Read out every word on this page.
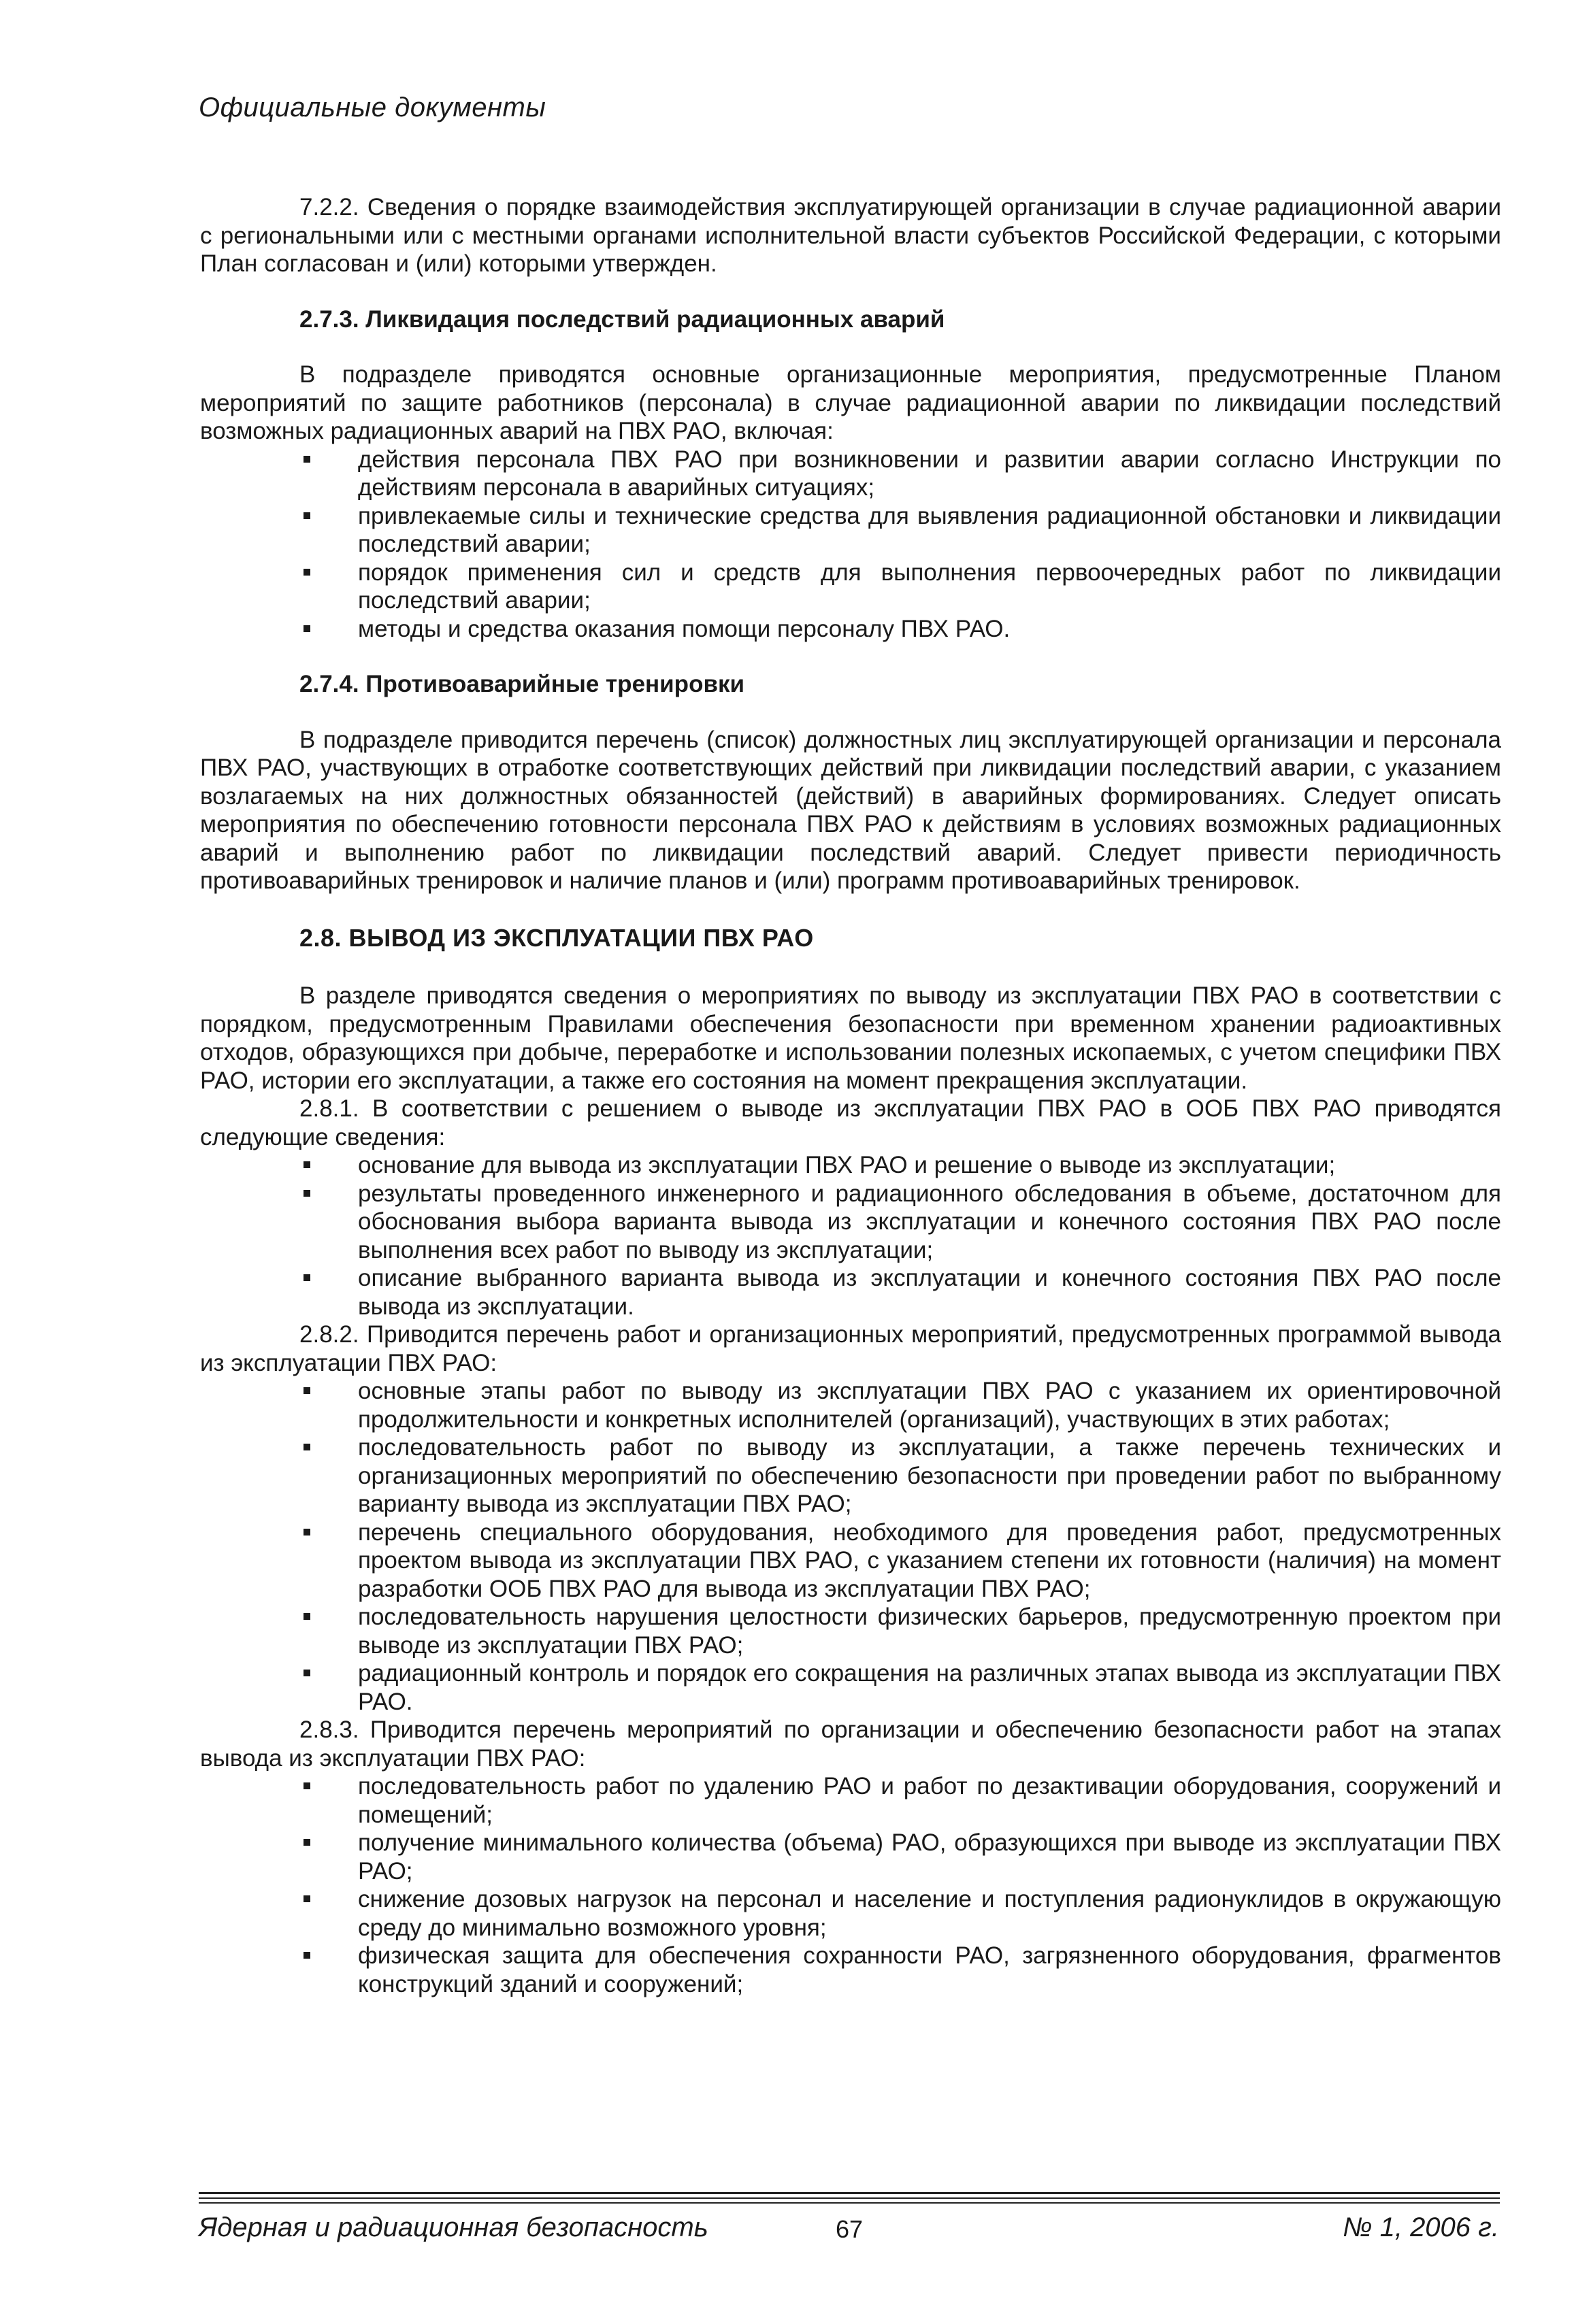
Официальные документы

7.2.2. Сведения о порядке взаимодействия эксплуатирующей организации в случае радиационной аварии с региональными или с местными органами исполнительной власти субъектов Российской Федерации, с которыми План согласован и (или) которыми утвержден.

2.7.3. Ликвидация последствий радиационных аварий

В подразделе приводятся основные организационные мероприятия, предусмотренные Планом мероприятий по защите работников (персонала) в случае радиационной аварии по ликвидации последствий возможных радиационных аварий на ПВХ РАО, включая:

действия персонала ПВХ РАО при возникновении и развитии аварии согласно Инструкции по действиям персонала в аварийных ситуациях;
привлекаемые силы и технические средства для выявления радиационной обстановки и ликвидации последствий аварии;
порядок применения сил и средств для выполнения первоочередных работ по ликвидации последствий аварии;
методы и средства оказания помощи персоналу ПВХ РАО.
2.7.4. Противоаварийные тренировки

В подразделе приводится перечень (список) должностных лиц эксплуатирующей организации и персонала ПВХ РАО, участвующих в отработке соответствующих действий при ликвидации последствий аварии, с указанием возлагаемых на них должностных обязанностей (действий) в аварийных формированиях. Следует описать мероприятия по обеспечению готовности персонала ПВХ РАО к действиям в условиях возможных радиационных аварий и выполнению работ по ликвидации последствий аварий. Следует привести периодичность противоаварийных тренировок и наличие планов и (или) программ противоаварийных тренировок.

2.8. ВЫВОД ИЗ ЭКСПЛУАТАЦИИ ПВХ РАО

В разделе приводятся сведения о мероприятиях по выводу из эксплуатации ПВХ РАО в соответствии с порядком, предусмотренным Правилами обеспечения безопасности при временном хранении радиоактивных отходов, образующихся при добыче, переработке и использовании полезных ископаемых, с учетом специфики ПВХ РАО, истории его эксплуатации, а также его состояния на момент прекращения эксплуатации.

2.8.1. В соответствии с решением о выводе из эксплуатации ПВХ РАО в ООБ ПВХ РАО приводятся следующие сведения:

основание для вывода из эксплуатации ПВХ РАО и решение о выводе из эксплуатации;
результаты проведенного инженерного и радиационного обследования в объеме, достаточном для обоснования выбора варианта вывода из эксплуатации и конечного состояния ПВХ РАО после выполнения всех работ по выводу из эксплуатации;
описание выбранного варианта вывода из эксплуатации и конечного состояния ПВХ РАО после вывода из эксплуатации.

2.8.2. Приводится перечень работ и организационных мероприятий, предусмотренных программой вывода из эксплуатации ПВХ РАО:

основные этапы работ по выводу из эксплуатации ПВХ РАО с указанием их ориентировочной продолжительности и конкретных исполнителей (организаций), участвующих в этих работах;
последовательность работ по выводу из эксплуатации, а также перечень технических и организационных мероприятий по обеспечению безопасности при проведении работ по выбранному варианту вывода из эксплуатации ПВХ РАО;
перечень специального оборудования, необходимого для проведения работ, предусмотренных проектом вывода из эксплуатации ПВХ РАО, с указанием степени их готовности (наличия) на момент разработки ООБ ПВХ РАО для вывода из эксплуатации ПВХ РАО;
последовательность нарушения целостности физических барьеров, предусмотренную проектом при выводе из эксплуатации ПВХ РАО;
радиационный контроль и порядок его сокращения на различных этапах вывода из эксплуатации ПВХ РАО.

2.8.3. Приводится перечень мероприятий по организации и обеспечению безопасности работ на этапах вывода из эксплуатации ПВХ РАО:

последовательность работ по удалению РАО и работ по дезактивации оборудования, сооружений и помещений;
получение минимального количества (объема) РАО, образующихся при выводе из эксплуатации ПВХ РАО;
снижение дозовых нагрузок на персонал и население и поступления радионуклидов в окружающую среду до минимально возможного уровня;
физическая защита для обеспечения сохранности РАО, загрязненного оборудования, фрагментов конструкций зданий и сооружений;
Ядерная и радиационная безопасность	67	№ 1, 2006 г.
